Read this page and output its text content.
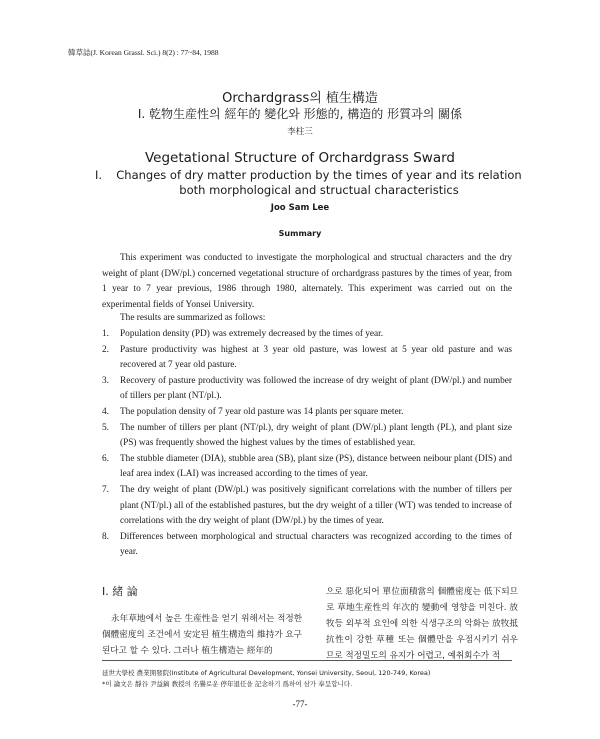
韓草誌(J. Korean Grassl. Sci.) 8(2) : 77~84, 1988
Orchardgrass의 植生構造
Ⅰ. 乾物生産性의 經年的 變化와 形態的, 構造的 形質과의 關係
李柱三
Vegetational Structure of Orchardgrass Sward
Ⅰ.	Changes of dry matter production by the times of year and its relation both morphological and structual characteristics
Joo Sam Lee
Summary

This experiment was conducted to investigate the morphological and structual characters and the dry weight of plant (DW/pl.) concerned vegetational structure of orchardgrass pastures by the times of year, from 1 year to 7 year previous, 1986 through 1980, alternately. This experiment was carried out on the experimental fields of Yonsei University.

The results are summarized as follows:
1. Population density (PD) was extremely decreased by the times of year.
2. Pasture productivity was highest at 3 year old pasture, was lowest at 5 year old pasture and was recovered at 7 year old pasture.
3. Recovery of pasture productivity was followed the increase of dry weight of plant (DW/pl.) and number of tillers per plant (NT/pl.).
4. The population density of 7 year old pasture was 14 plants per square meter.
5. The number of tillers per plant (NT/pl.), dry weight of plant (DW/pl.) plant length (PL), and plant size (PS) was frequently showed the highest values by the times of established year.
6. The stubble diameter (DIA), stubble area (SB), plant size (PS), distance between neibour plant (DIS) and leaf area index (LAI) was increased according to the times of year.
7. The dry weight of plant (DW/pl.) was positively significant correlations with the number of tillers per plant (NT/pl.) all of the established pastures, but the dry weight of a tiller (WT) was tended to increase of correlations with the dry weight of plant (DW/pl.) by the times of year.
8. Differences between morphological and structual characters was recognized according to the times of year.
Ⅰ. 緒 論

永年草地에서 높은 生産性을 얻기 위해서는 적정한 個體密度의 조건에서 安定된 植生構造의 維持가 요구된다고 할 수 있다. 그러나 植生構造는 經年的

으로 惡化되어 單位面積當의 個體密度는 低下되므로 草地生産性의 年次的 變動에 영향을 미친다. 放牧등 외부적 요인에 의한 식생구조의 악화는 放牧抵抗性이 강한 草種 또는 個體만을 우점시키기 쉬우므로 적정밀도의 유지가 어렵고, 예취회수가 적

延世大學校 農業開發院(Institute of Agricultural Development, Yonsei University, Seoul, 120-749, Korea)
*이 論文은 靜谷 尹益鎬 敎授의 名譽로운 停年退任을 記念하기 爲하여 삼가 奉呈합니다.
-77-
